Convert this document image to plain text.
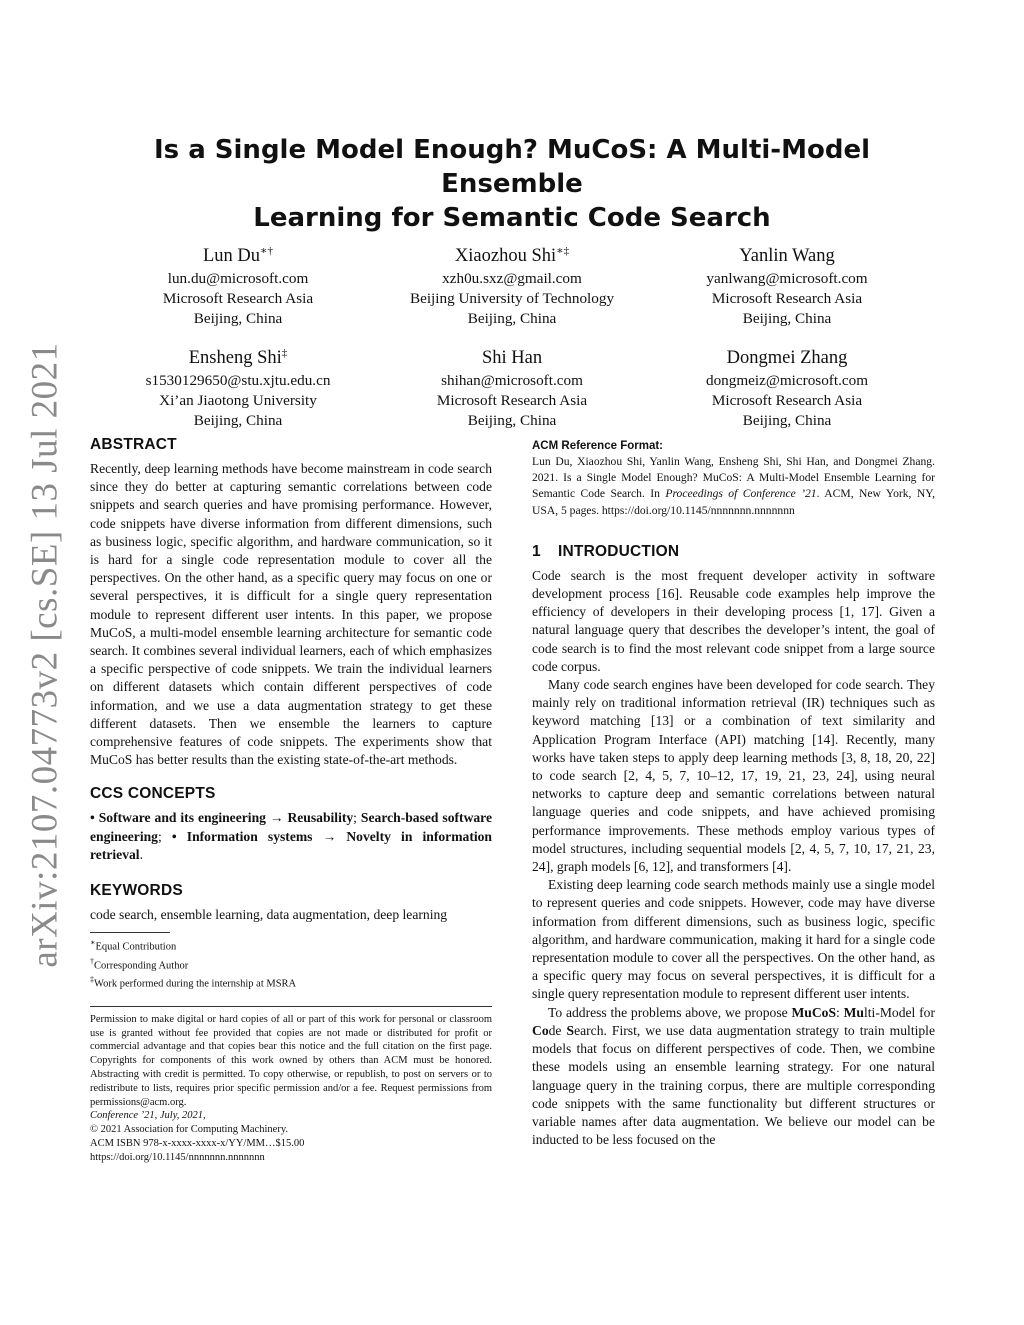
arXiv:2107.04773v2 [cs.SE] 13 Jul 2021
Is a Single Model Enough? MuCoS: A Multi-Model Ensemble
Learning for Semantic Code Search
Lun Du∗†
lun.du@microsoft.com
Microsoft Research Asia
Beijing, China
Xiaozhou Shi∗‡
xzh0u.sxz@gmail.com
Beijing University of Technology
Beijing, China
Yanlin Wang
yanlwang@microsoft.com
Microsoft Research Asia
Beijing, China
Ensheng Shi‡
s1530129650@stu.xjtu.edu.cn
Xi’an Jiaotong University
Beijing, China
Shi Han
shihan@microsoft.com
Microsoft Research Asia
Beijing, China
Dongmei Zhang
dongmeiz@microsoft.com
Microsoft Research Asia
Beijing, China
ABSTRACT

Recently, deep learning methods have become mainstream in code search since they do better at capturing semantic correlations between code snippets and search queries and have promising performance. However, code snippets have diverse information from different dimensions, such as business logic, specific algorithm, and hardware communication, so it is hard for a single code representation module to cover all the perspectives. On the other hand, as a specific query may focus on one or several perspectives, it is difficult for a single query representation module to represent different user intents. In this paper, we propose MuCoS, a multi-model ensemble learning architecture for semantic code search. It combines several individual learners, each of which emphasizes a specific perspective of code snippets. We train the individual learners on different datasets which contain different perspectives of code information, and we use a data augmentation strategy to get these different datasets. Then we ensemble the learners to capture comprehensive features of code snippets. The experiments show that MuCoS has better results than the existing state-of-the-art methods.

CCS CONCEPTS
• Software and its engineering → Reusability; Search-based software engineering; • Information systems → Novelty in information retrieval.
KEYWORDS

code search, ensemble learning, data augmentation, deep learning

∗Equal Contribution
†Corresponding Author
‡Work performed during the internship at MSRA
Permission to make digital or hard copies of all or part of this work for personal or classroom use is granted without fee provided that copies are not made or distributed for profit or commercial advantage and that copies bear this notice and the full citation on the first page. Copyrights for components of this work owned by others than ACM must be honored. Abstracting with credit is permitted. To copy otherwise, or republish, to post on servers or to redistribute to lists, requires prior specific permission and/or a fee. Request permissions from permissions@acm.org.
Conference ’21, July, 2021,
© 2021 Association for Computing Machinery.
ACM ISBN 978-x-xxxx-xxxx-x/YY/MM…$15.00
https://doi.org/10.1145/nnnnnnn.nnnnnnn
ACM Reference Format:
Lun Du, Xiaozhou Shi, Yanlin Wang, Ensheng Shi, Shi Han, and Dongmei Zhang. 2021. Is a Single Model Enough? MuCoS: A Multi-Model Ensemble Learning for Semantic Code Search. In Proceedings of Conference ’21. ACM, New York, NY, USA, 5 pages. https://doi.org/10.1145/nnnnnnn.nnnnnnn
1 INTRODUCTION

Code search is the most frequent developer activity in software development process [16]. Reusable code examples help improve the efficiency of developers in their developing process [1, 17]. Given a natural language query that describes the developer’s intent, the goal of code search is to find the most relevant code snippet from a large source code corpus.

Many code search engines have been developed for code search. They mainly rely on traditional information retrieval (IR) techniques such as keyword matching [13] or a combination of text similarity and Application Program Interface (API) matching [14]. Recently, many works have taken steps to apply deep learning methods [3, 8, 18, 20, 22] to code search [2, 4, 5, 7, 10–12, 17, 19, 21, 23, 24], using neural networks to capture deep and semantic correlations between natural language queries and code snippets, and have achieved promising performance improvements. These methods employ various types of model structures, including sequential models [2, 4, 5, 7, 10, 17, 21, 23, 24], graph models [6, 12], and transformers [4].

Existing deep learning code search methods mainly use a single model to represent queries and code snippets. However, code may have diverse information from different dimensions, such as business logic, specific algorithm, and hardware communication, making it hard for a single code representation module to cover all the perspectives. On the other hand, as a specific query may focus on several perspectives, it is difficult for a single query representation module to represent different user intents.

To address the problems above, we propose MuCoS: Multi-Model for Code Search. First, we use data augmentation strategy to train multiple models that focus on different perspectives of code. Then, we combine these models using an ensemble learning strategy. For one natural language query in the training corpus, there are multiple corresponding code snippets with the same functionality but different structures or variable names after data augmentation. We believe our model can be inducted to be less focused on the
